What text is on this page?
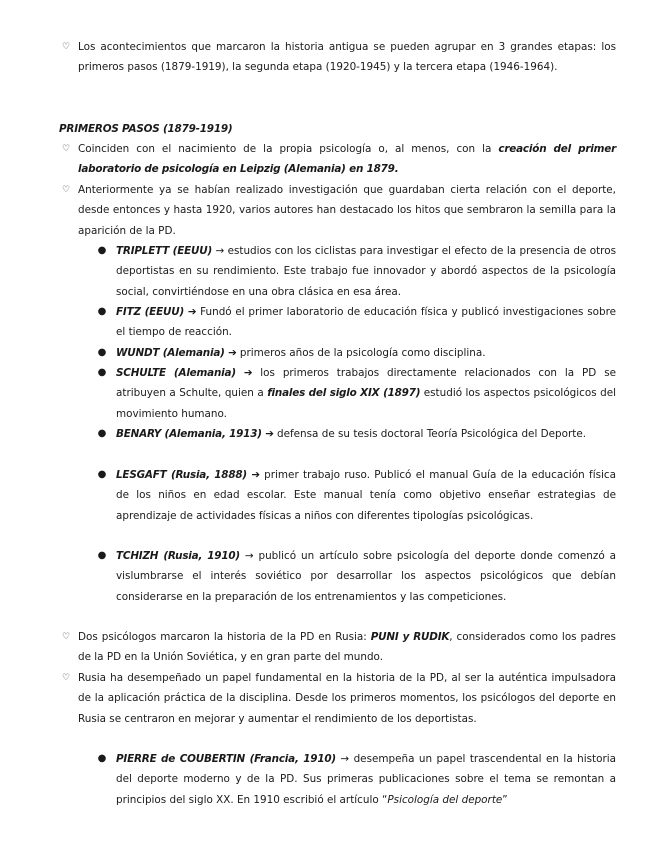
♡ Los acontecimientos que marcaron la historia antigua se pueden agrupar en 3 grandes etapas: los primeros pasos (1879-1919), la segunda etapa (1920-1945) y la tercera etapa (1946-1964).
PRIMEROS PASOS (1879-1919)
♡ Coinciden con el nacimiento de la propia psicología o, al menos, con la creación del primer laboratorio de psicología en Leipzig (Alemania) en 1879.
♡ Anteriormente ya se habían realizado investigación que guardaban cierta relación con el deporte, desde entonces y hasta 1920, varios autores han destacado los hitos que sembraron la semilla para la aparición de la PD.
● TRIPLETT (EEUU) → estudios con los ciclistas para investigar el efecto de la presencia de otros deportistas en su rendimiento. Este trabajo fue innovador y abordó aspectos de la psicología social, convirtiéndose en una obra clásica en esa área.
● FITZ (EEUU) ➔ Fundó el primer laboratorio de educación física y publicó investigaciones sobre el tiempo de reacción.
● WUNDT (Alemania) ➔ primeros años de la psicología como disciplina.
● SCHULTE (Alemania) ➔ los primeros trabajos directamente relacionados con la PD se atribuyen a Schulte, quien a finales del siglo XIX (1897) estudió los aspectos psicológicos del movimiento humano.
● BENARY (Alemania, 1913) ➔ defensa de su tesis doctoral Teoría Psicológica del Deporte.
● LESGAFT (Rusia, 1888) ➔ primer trabajo ruso. Publicó el manual Guía de la educación física de los niños en edad escolar. Este manual tenía como objetivo enseñar estrategias de aprendizaje de actividades físicas a niños con diferentes tipologías psicológicas.
● TCHIZH (Rusia, 1910) → publicó un artículo sobre psicología del deporte donde comenzó a vislumbrarse el interés soviético por desarrollar los aspectos psicológicos que debían considerarse en la preparación de los entrenamientos y las competiciones.
♡ Dos psicólogos marcaron la historia de la PD en Rusia: PUNI y RUDIK, considerados como los padres de la PD en la Unión Soviética, y en gran parte del mundo.
♡ Rusia ha desempeñado un papel fundamental en la historia de la PD, al ser la auténtica impulsadora de la aplicación práctica de la disciplina. Desde los primeros momentos, los psicólogos del deporte en Rusia se centraron en mejorar y aumentar el rendimiento de los deportistas.
● PIERRE de COUBERTIN (Francia, 1910) → desempeña un papel trascendental en la historia del deporte moderno y de la PD. Sus primeras publicaciones sobre el tema se remontan a principios del siglo XX. En 1910 escribió el artículo “Psicología del deporte”
